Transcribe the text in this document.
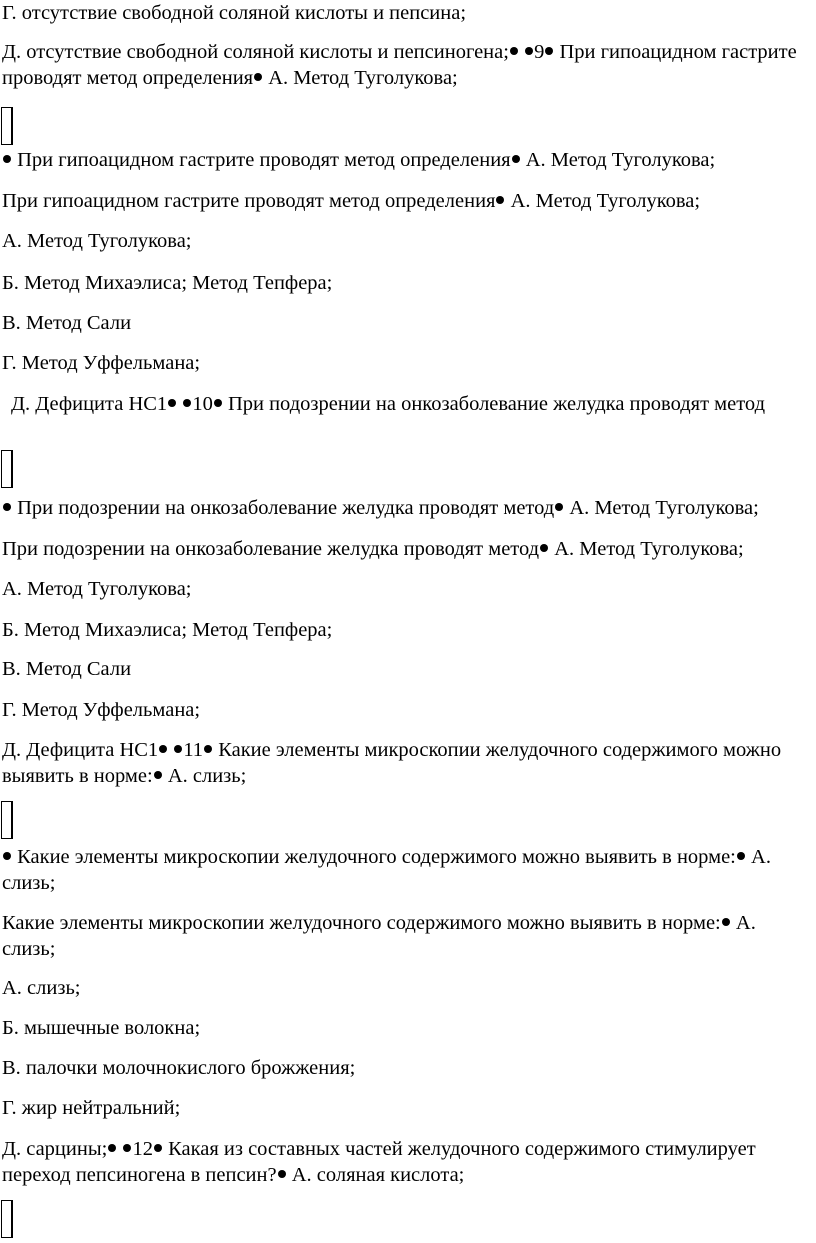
Г. отсутствие свободной соляной кислоты и пепсина;

Д. отсутствие свободной соляной кислоты и пепсиногена; 9 При гипоацидном гастрите
проводят метод определения А. Метод Туголукова;

При гипоацидном гастрите проводят метод определения А. Метод Туголукова;

При гипоацидном гастрите проводят метод определения А. Метод Туголукова;

А. Метод Туголукова;

Б. Метод Михаэлиса; Метод Тепфера;

В. Метод Сали

Г. Метод Уффельмана;

Д. Дефицита НС1 10 При подозрении на онкозаболевание желудка проводят метод

При подозрении на онкозаболевание желудка проводят метод А. Метод Туголукова;

При подозрении на онкозаболевание желудка проводят метод А. Метод Туголукова;

А. Метод Туголукова;

Б. Метод Михаэлиса; Метод Тепфера;

В. Метод Сали

Г. Метод Уффельмана;

Д. Дефицита НС1 11 Какие элементы микроскопии желудочного содержимого можно
выявить в норме: А. слизь;

Какие элементы микроскопии желудочного содержимого можно выявить в норме: А.
слизь;

Какие элементы микроскопии желудочного содержимого можно выявить в норме: А.
слизь;

А. слизь;

Б. мышечные волокна;

В. палочки молочнокислого брожжения;

Г. жир нейтральний;

Д. сарцины; 12 Какая из составных частей желудочного содержимого стимулирует
переход пепсиногена в пепсин? А. соляная кислота;
